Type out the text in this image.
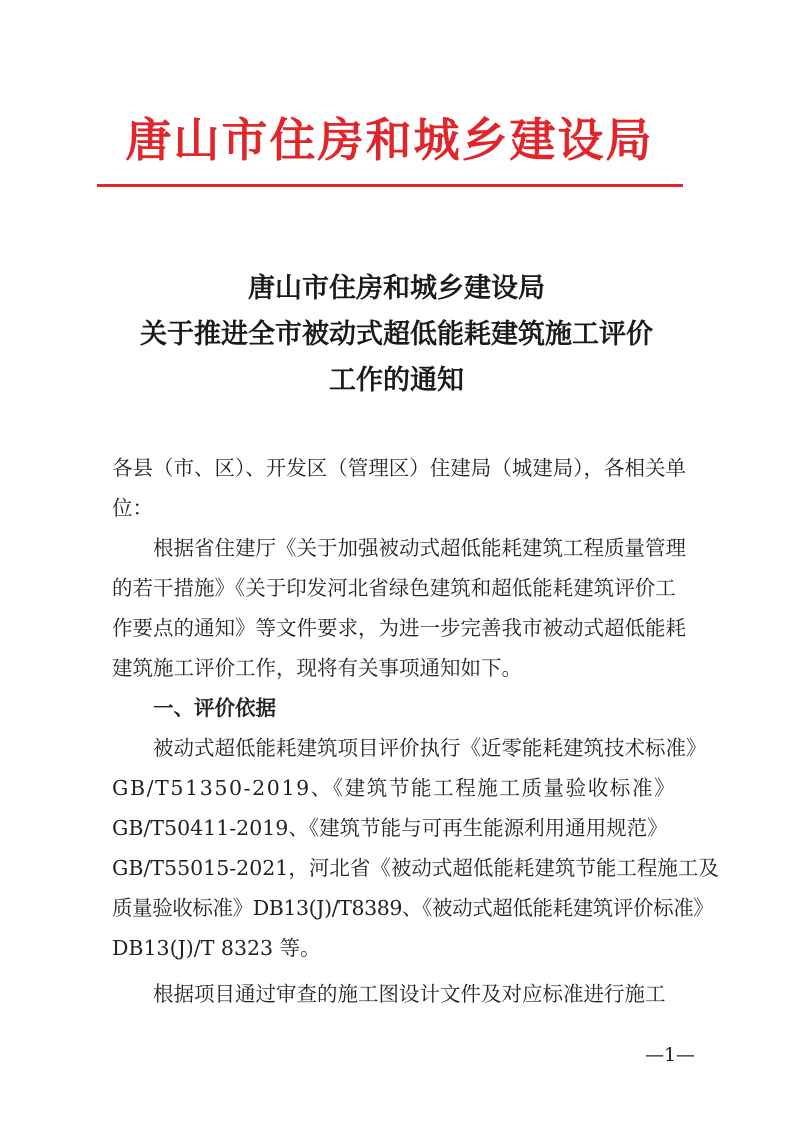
唐山市住房和城乡建设局
唐山市住房和城乡建设局
关于推进全市被动式超低能耗建筑施工评价
工作的通知
各县（市、区）、开发区（管理区）住建局（城建局），各相关单
位：
根据省住建厅《关于加强被动式超低能耗建筑工程质量管理
的若干措施》《关于印发河北省绿色建筑和超低能耗建筑评价工
作要点的通知》等文件要求，为进一步完善我市被动式超低能耗
建筑施工评价工作，现将有关事项通知如下。
一、评价依据
被动式超低能耗建筑项目评价执行《近零能耗建筑技术标准》
GB/T51350-2019、《建筑节能工程施工质量验收标准》
GB/T50411-2019、《建筑节能与可再生能源利用通用规范》
GB/T55015-2021，河北省《被动式超低能耗建筑节能工程施工及
质量验收标准》DB13(J)/T8389、《被动式超低能耗建筑评价标准》
DB13(J)/T 8323 等。
根据项目通过审查的施工图设计文件及对应标准进行施工
—1—
